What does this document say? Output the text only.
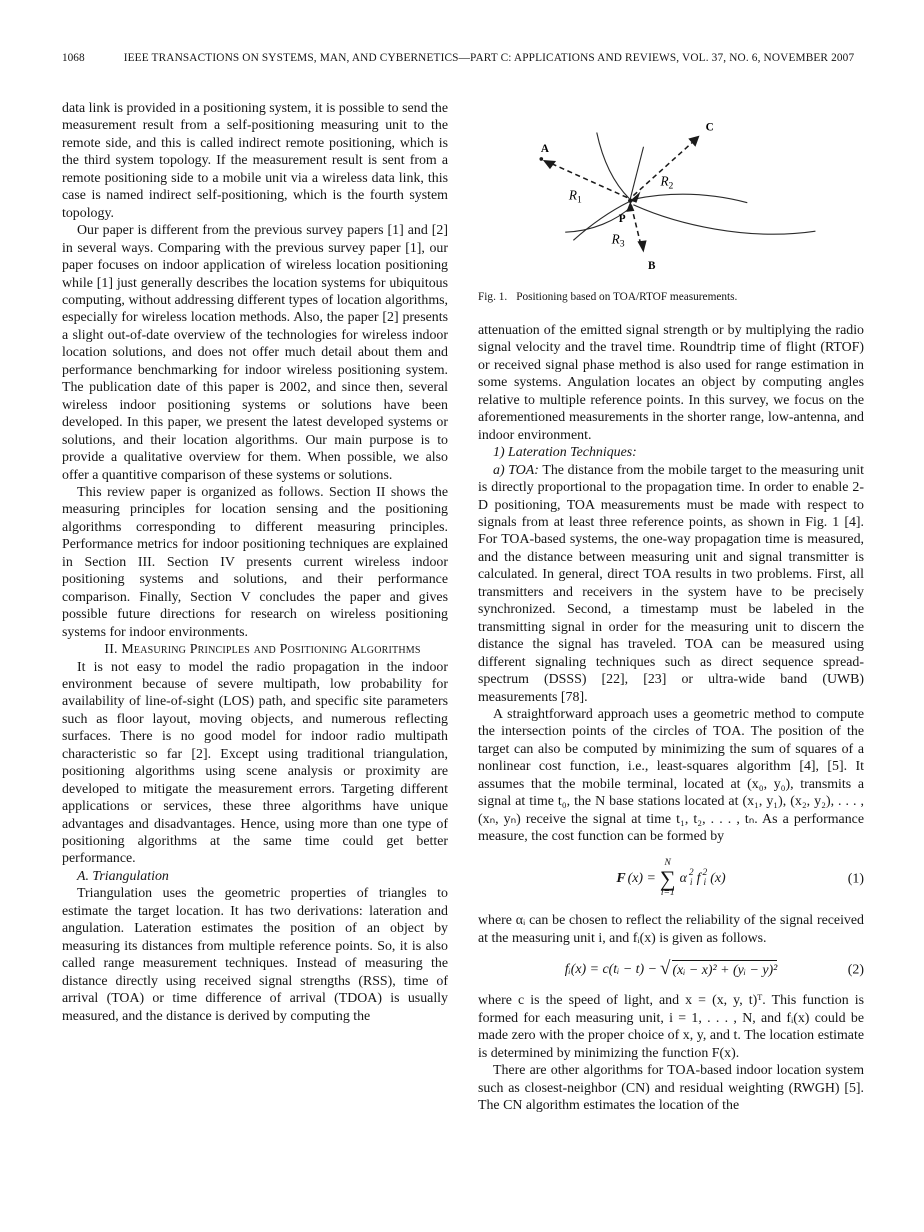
1068	IEEE TRANSACTIONS ON SYSTEMS, MAN, AND CYBERNETICS—PART C: APPLICATIONS AND REVIEWS, VOL. 37, NO. 6, NOVEMBER 2007

data link is provided in a positioning system, it is possible to send the measurement result from a self-positioning measuring unit to the remote side, and this is called indirect remote positioning, which is the third system topology. If the measurement result is sent from a remote positioning side to a mobile unit via a wireless data link, this case is named indirect self-positioning, which is the fourth system topology.

Our paper is different from the previous survey papers [1] and [2] in several ways. Comparing with the previous survey paper [1], our paper focuses on indoor application of wireless location positioning while [1] just generally describes the location systems for ubiquitous computing, without addressing different types of location algorithms, especially for wireless location methods. Also, the paper [2] presents a slight out-of-date overview of the technologies for wireless indoor location solutions, and does not offer much detail about them and performance benchmarking for indoor wireless positioning system. The publication date of this paper is 2002, and since then, several wireless indoor positioning systems or solutions have been developed. In this paper, we present the latest developed systems or solutions, and their location algorithms. Our main purpose is to provide a qualitative overview for them. When possible, we also offer a quantitive comparison of these systems or solutions.

This review paper is organized as follows. Section II shows the measuring principles for location sensing and the positioning algorithms corresponding to different measuring principles. Performance metrics for indoor positioning techniques are explained in Section III. Section IV presents current wireless indoor positioning systems and solutions, and their performance comparison. Finally, Section V concludes the paper and gives possible future directions for research on wireless positioning systems for indoor environments.

II. Measuring Principles and Positioning Algorithms

It is not easy to model the radio propagation in the indoor environment because of severe multipath, low probability for availability of line-of-sight (LOS) path, and specific site parameters such as floor layout, moving objects, and numerous reflecting surfaces. There is no good model for indoor radio multipath characteristic so far [2]. Except using traditional triangulation, positioning algorithms using scene analysis or proximity are developed to mitigate the measurement errors. Targeting different applications or services, these three algorithms have unique advantages and disadvantages. Hence, using more than one type of positioning algorithms at the same time could get better performance.

A. Triangulation

Triangulation uses the geometric properties of triangles to estimate the target location. It has two derivations: lateration and angulation. Lateration estimates the position of an object by measuring its distances from multiple reference points. So, it is also called range measurement techniques. Instead of measuring the distance directly using received signal strengths (RSS), time of arrival (TOA) or time difference of arrival (TDOA) is usually measured, and the distance is derived by computing the

A
C
B
P
$R_1$
$R_2$
$R_3$
Fig. 1. Positioning based on TOA/RTOF measurements.

attenuation of the emitted signal strength or by multiplying the radio signal velocity and the travel time. Roundtrip time of flight (RTOF) or received signal phase method is also used for range estimation in some systems. Angulation locates an object by computing angles relative to multiple reference points. In this survey, we focus on the aforementioned measurements in the shorter range, low-antenna, and indoor environment.

1) Lateration Techniques:

a) TOA: The distance from the mobile target to the measuring unit is directly proportional to the propagation time. In order to enable 2-D positioning, TOA measurements must be made with respect to signals from at least three reference points, as shown in Fig. 1 [4]. For TOA-based systems, the one-way propagation time is measured, and the distance between measuring unit and signal transmitter is calculated. In general, direct TOA results in two problems. First, all transmitters and receivers in the system have to be precisely synchronized. Second, a timestamp must be labeled in the transmitting signal in order for the measuring unit to discern the distance the signal has traveled. TOA can be measured using different signaling techniques such as direct sequence spread-spectrum (DSSS) [22], [23] or ultra-wide band (UWB) measurements [78].

A straightforward approach uses a geometric method to compute the intersection points of the circles of TOA. The position of the target can also be computed by minimizing the sum of squares of a nonlinear cost function, i.e., least-squares algorithm [4], [5]. It assumes that the mobile terminal, located at (x₀, y₀), transmits a signal at time t₀, the N base stations located at (x₁, y₁), (x₂, y₂), . . . , (xₙ, yₙ) receive the signal at time t₁, t₂, . . . , tₙ. As a performance measure, the cost function can be formed by

F (x) =
N
∑
i=1
α 2
i f 2
i (x)	(1)

where αᵢ can be chosen to reflect the reliability of the signal received at the measuring unit i, and fᵢ(x) is given as follows.

fᵢ(x) = c(tᵢ − t) − √ (xᵢ − x)² + (yᵢ − y)²	(2)

where c is the speed of light, and x = (x, y, t)ᵀ. This function is formed for each measuring unit, i = 1, . . . , N, and fᵢ(x) could be made zero with the proper choice of x, y, and t. The location estimate is determined by minimizing the function F(x).

There are other algorithms for TOA-based indoor location system such as closest-neighbor (CN) and residual weighting (RWGH) [5]. The CN algorithm estimates the location of the
